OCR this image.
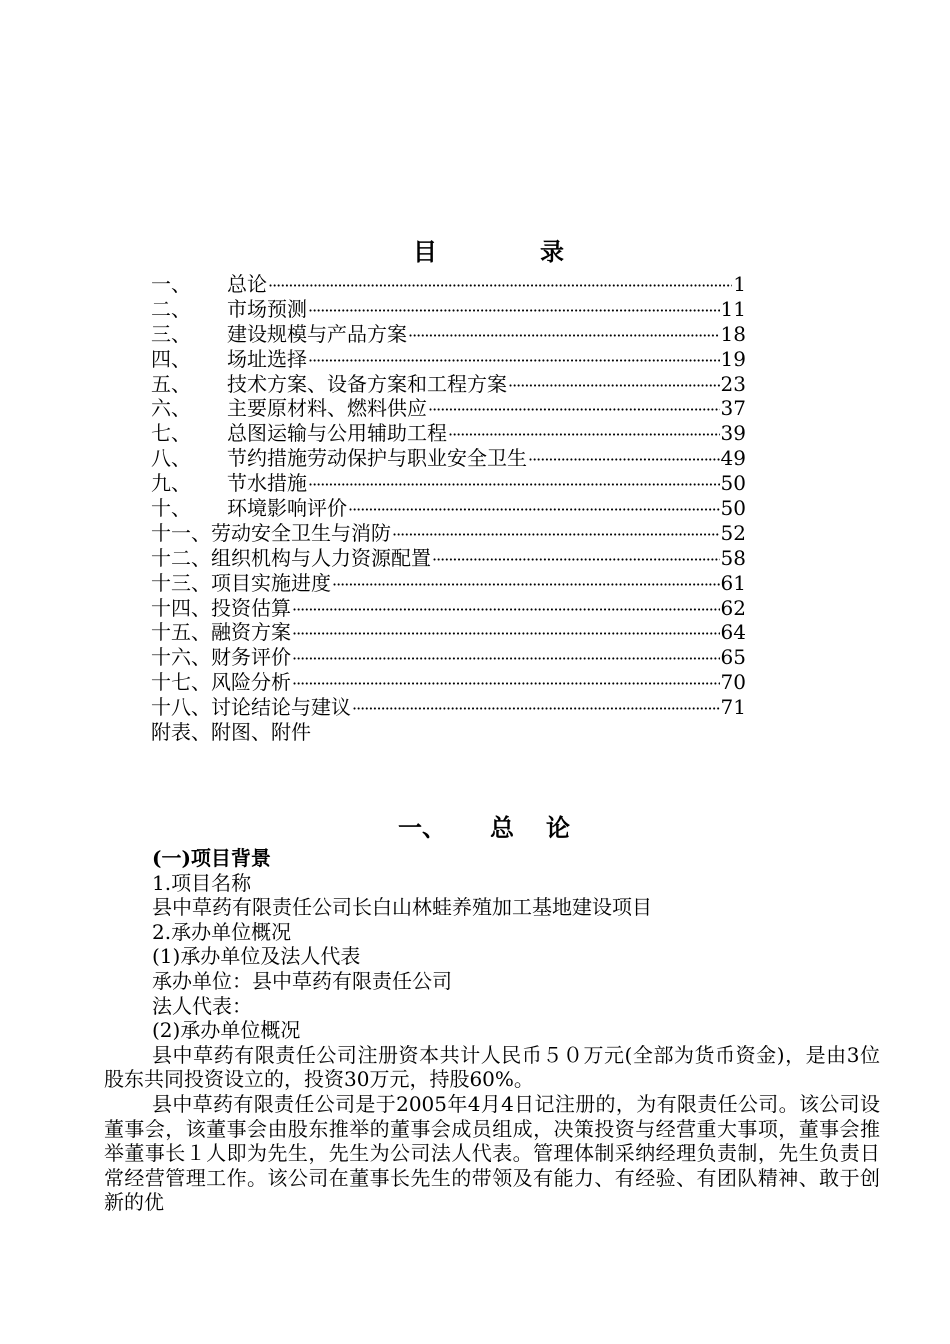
目	录
一、	总论 ·····	1
二、	市场预测 ·····	11
三、	建设规模与产品方案 ·····	18
四、	场址选择 ·····	19
五、	技术方案、设备方案和工程方案 ·····	23
六、	主要原材料、燃料供应 ·····	37
七、	总图运输与公用辅助工程 ·····	39
八、	节约措施劳动保护与职业安全卫生 ·····	49
九、	节水措施 ·····	50
十、	环境影响评价 ·····	50
十一、 劳动安全卫生与消防 ·····	52
十二、 组织机构与人力资源配置 ·····	58
十三、 项目实施进度 ·····	61
十四、 投资估算 ·····	62
十五、 融资方案 ·····	64
十六、 财务评价 ·····	65
十七、 风险分析 ·····	70
十八、 讨论结论与建议 ·····	71
附表、附图、附件
一、 总 论
(一)项目背景
1.项目名称
县中草药有限责任公司长白山林蛙养殖加工基地建设项目
2.承办单位概况
(1)承办单位及法人代表
承办单位：县中草药有限责任公司
法人代表：
(2)承办单位概况

县中草药有限责任公司注册资本共计人民币５０万元(全部为货币资金)，是由3位股东共同投资设立的，投资30万元，持股60%。

县中草药有限责任公司是于2005年4月4日记注册的，为有限责任公司。该公司设董事会，该董事会由股东推举的董事会成员组成，决策投资与经营重大事项，董事会推举董事长１人即为先生，先生为公司法人代表。管理体制采纳经理负责制，先生负责日常经营管理工作。该公司在董事长先生的带领及有能力、有经验、有团队精神、敢于创新的优
